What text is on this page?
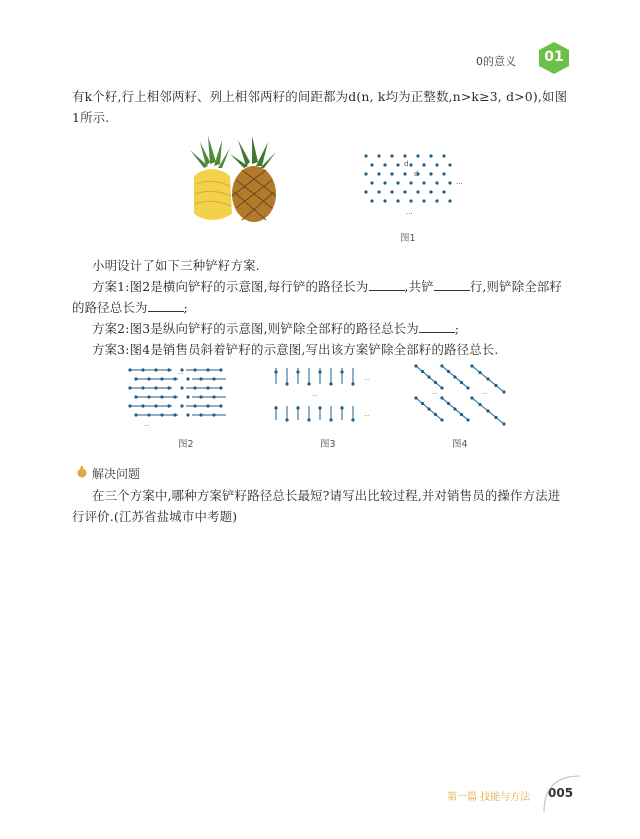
0的意义	01
有k个籽,行上相邻两籽、列上相邻两籽的间距都为d(n, k均为正整数,n>k≥3, d>0),如图1所示.
d
d
...
...
图1
小明设计了如下三种铲籽方案.
方案1:图2是横向铲籽的示意图,每行铲的路径长为	,共铲	行,则铲除全部籽的路径总长为	;
方案2:图3是纵向铲籽的示意图,则铲除全部籽的路径总长为	;
方案3:图4是销售员斜着铲籽的示意图,写出该方案铲除全部籽的路径总长.
...
...
...
...
...	...	...
图2	图3	图4
解决问题
在三个方案中,哪种方案铲籽路径总长最短?请写出比较过程,并对销售员的操作方法进行评价.(江苏省盐城市中考题)
第一篇 技能与方法 005
